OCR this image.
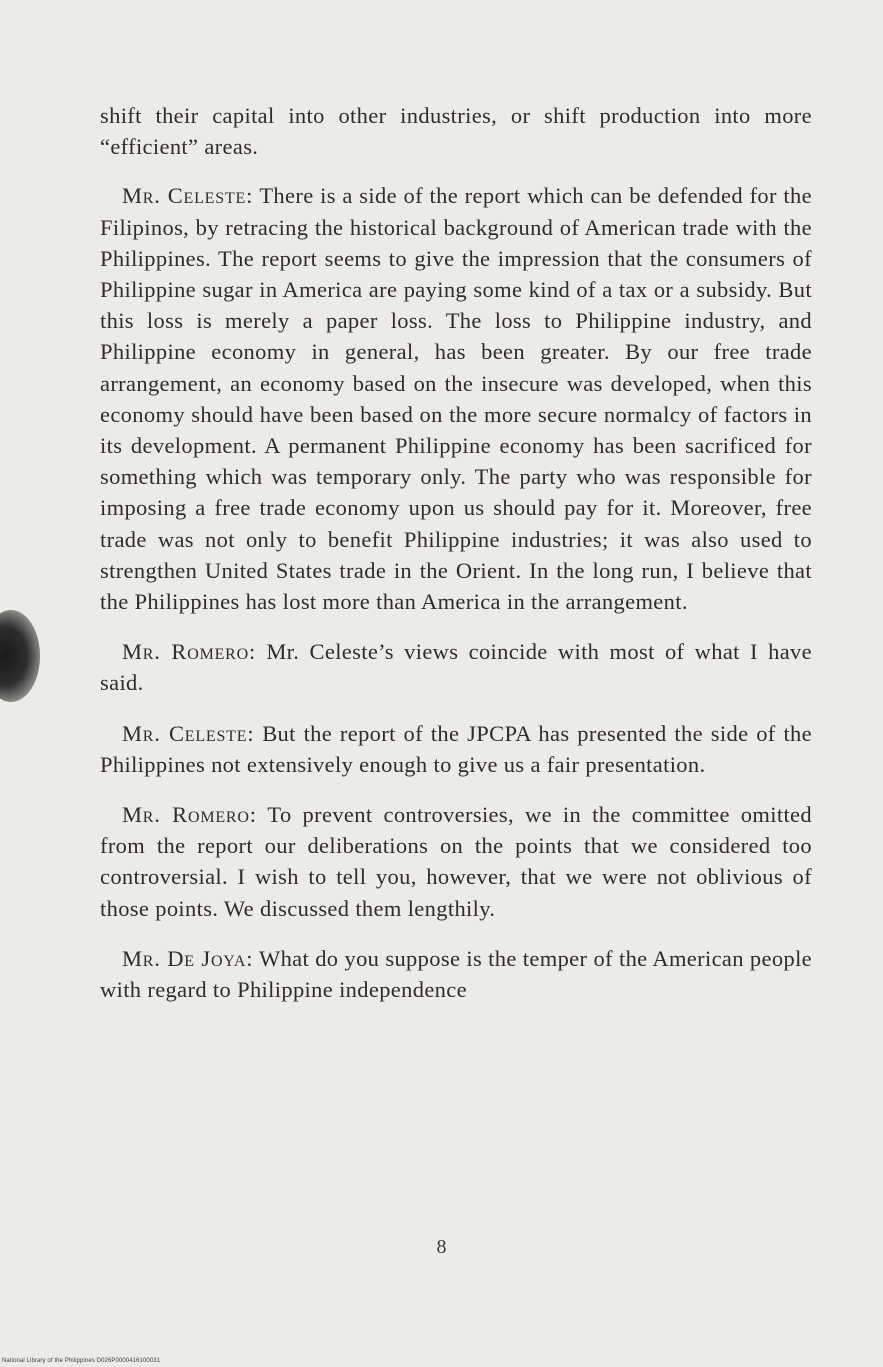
shift their capital into other industries, or shift production into more “efficient” areas.

Mr. Celeste: There is a side of the report which can be defended for the Filipinos, by retracing the historical background of American trade with the Philippines. The report seems to give the impression that the consumers of Philippine sugar in America are paying some kind of a tax or a subsidy. But this loss is merely a paper loss. The loss to Philippine industry, and Philippine economy in general, has been greater. By our free trade arrangement, an economy based on the insecure was developed, when this economy should have been based on the more secure normalcy of factors in its development. A permanent Philippine economy has been sacrificed for something which was temporary only. The party who was responsible for imposing a free trade economy upon us should pay for it. Moreover, free trade was not only to benefit Philippine industries; it was also used to strengthen United States trade in the Orient. In the long run, I believe that the Philippines has lost more than America in the arrangement.

Mr. Romero: Mr. Celeste’s views coincide with most of what I have said.

Mr. Celeste: But the report of the JPCPA has presented the side of the Philippines not extensively enough to give us a fair presentation.

Mr. Romero: To prevent controversies, we in the committee omitted from the report our deliberations on the points that we considered too controversial. I wish to tell you, however, that we were not oblivious of those points. We discussed them lengthily.

Mr. De Joya: What do you suppose is the temper of the American people with regard to Philippine independence

8
National Library of the Philippines D026P0000416100031
